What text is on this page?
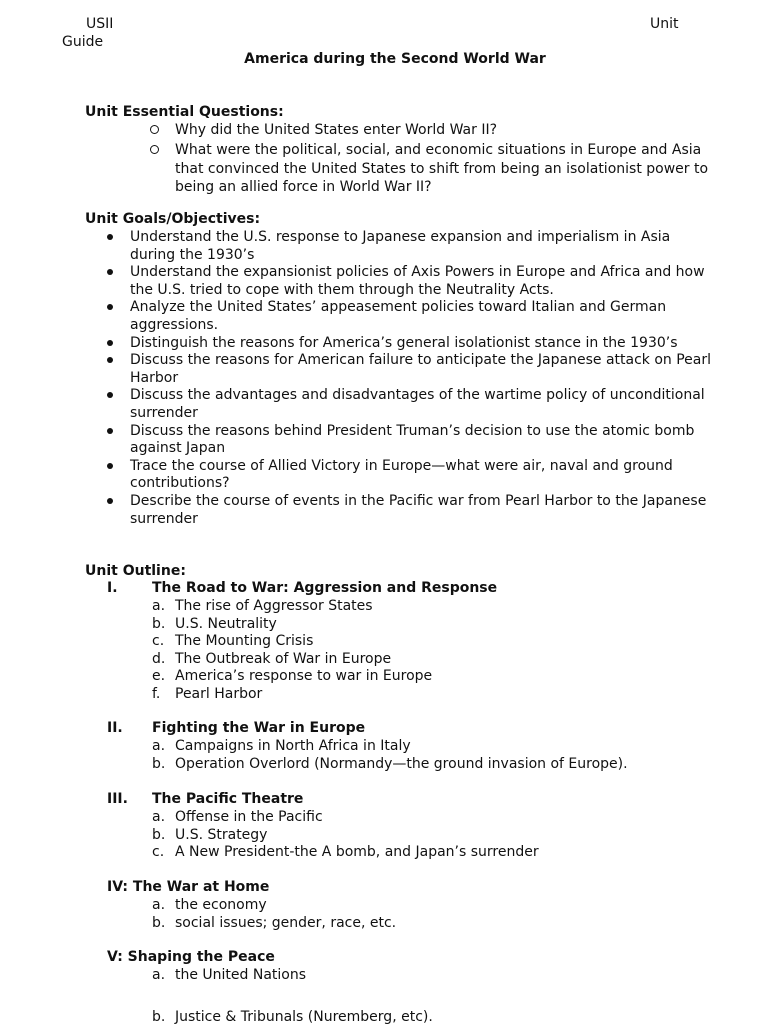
USII
Guide
Unit
America during the Second World War
Unit Essential Questions:
Why did the United States enter World War II?
What were the political, social, and economic situations in Europe and Asia that convinced the United States to shift from being an isolationist power to being an allied force in World War II?
Unit Goals/Objectives:
Understand the U.S. response to Japanese expansion and imperialism in Asia during the 1930’s
Understand the expansionist policies of Axis Powers in Europe and Africa and how the U.S. tried to cope with them through the Neutrality Acts.
Analyze the United States’ appeasement policies toward Italian and German aggressions.
Distinguish the reasons for America’s general isolationist stance in the 1930’s
Discuss the reasons for American failure to anticipate the Japanese attack on Pearl Harbor
Discuss the advantages and disadvantages of the wartime policy of unconditional surrender
Discuss the reasons behind President Truman’s decision to use the atomic bomb against Japan
Trace the course of Allied Victory in Europe—what were air, naval and ground contributions?
Describe the course of events in the Pacific war from Pearl Harbor to the Japanese surrender
Unit Outline:
I. The Road to War: Aggression and Response
a. The rise of Aggressor States
b. U.S. Neutrality
c. The Mounting Crisis
d. The Outbreak of War in Europe
e. America’s response to war in Europe
f. Pearl Harbor
II. Fighting the War in Europe
a. Campaigns in North Africa in Italy
b. Operation Overlord (Normandy—the ground invasion of Europe).
III. The Pacific Theatre
a. Offense in the Pacific
b. U.S. Strategy
c. A New President-the A bomb, and Japan’s surrender
IV: The War at Home
a. the economy
b. social issues; gender, race, etc.
V: Shaping the Peace
a. the United Nations
b. Justice & Tribunals (Nuremberg, etc).
